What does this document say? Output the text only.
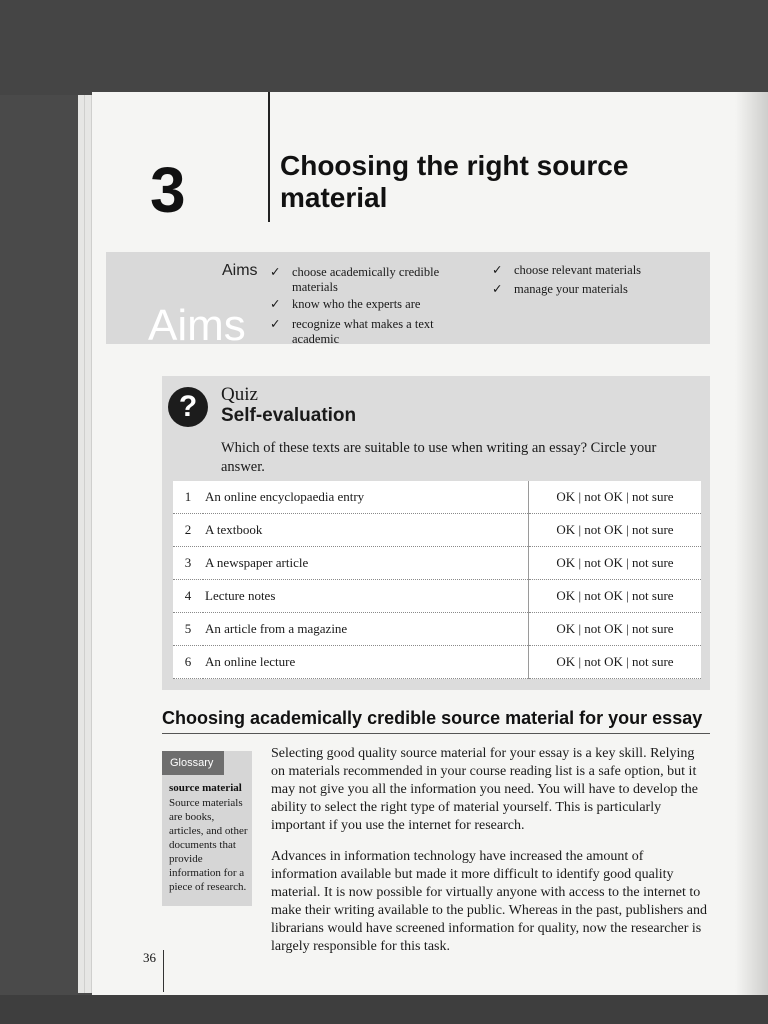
3	Choosing the right source material
Aims
Aims ✓ choose academically credible materials
✓ know who the experts are
✓ recognize what makes a text academic
✓ choose relevant materials
✓ manage your materials
?	Quiz
Self-evaluation
Which of these texts are suitable to use when writing an essay? Circle your answer.
1	An online encyclopaedia entry	OK | not OK | not sure
2	A textbook	OK | not OK | not sure
3	A newspaper article	OK | not OK | not sure
4	Lecture notes	OK | not OK | not sure
5	An article from a magazine	OK | not OK | not sure
6	An online lecture	OK | not OK | not sure
Choosing academically credible source material for your essay
Glossary
source material
Source materials are books, articles, and other documents that provide information for a piece of research.
Selecting good quality source material for your essay is a key skill. Relying on materials recommended in your course reading list is a safe option, but it may not give you all the information you need. You will have to develop the ability to select the right type of material yourself. This is particularly important if you use the internet for research.
Advances in information technology have increased the amount of information available but made it more difficult to identify good quality material. It is now possible for virtually anyone with access to the internet to make their writing available to the public. Whereas in the past, publishers and librarians would have screened information for quality, now the researcher is largely responsible for this task.
36
